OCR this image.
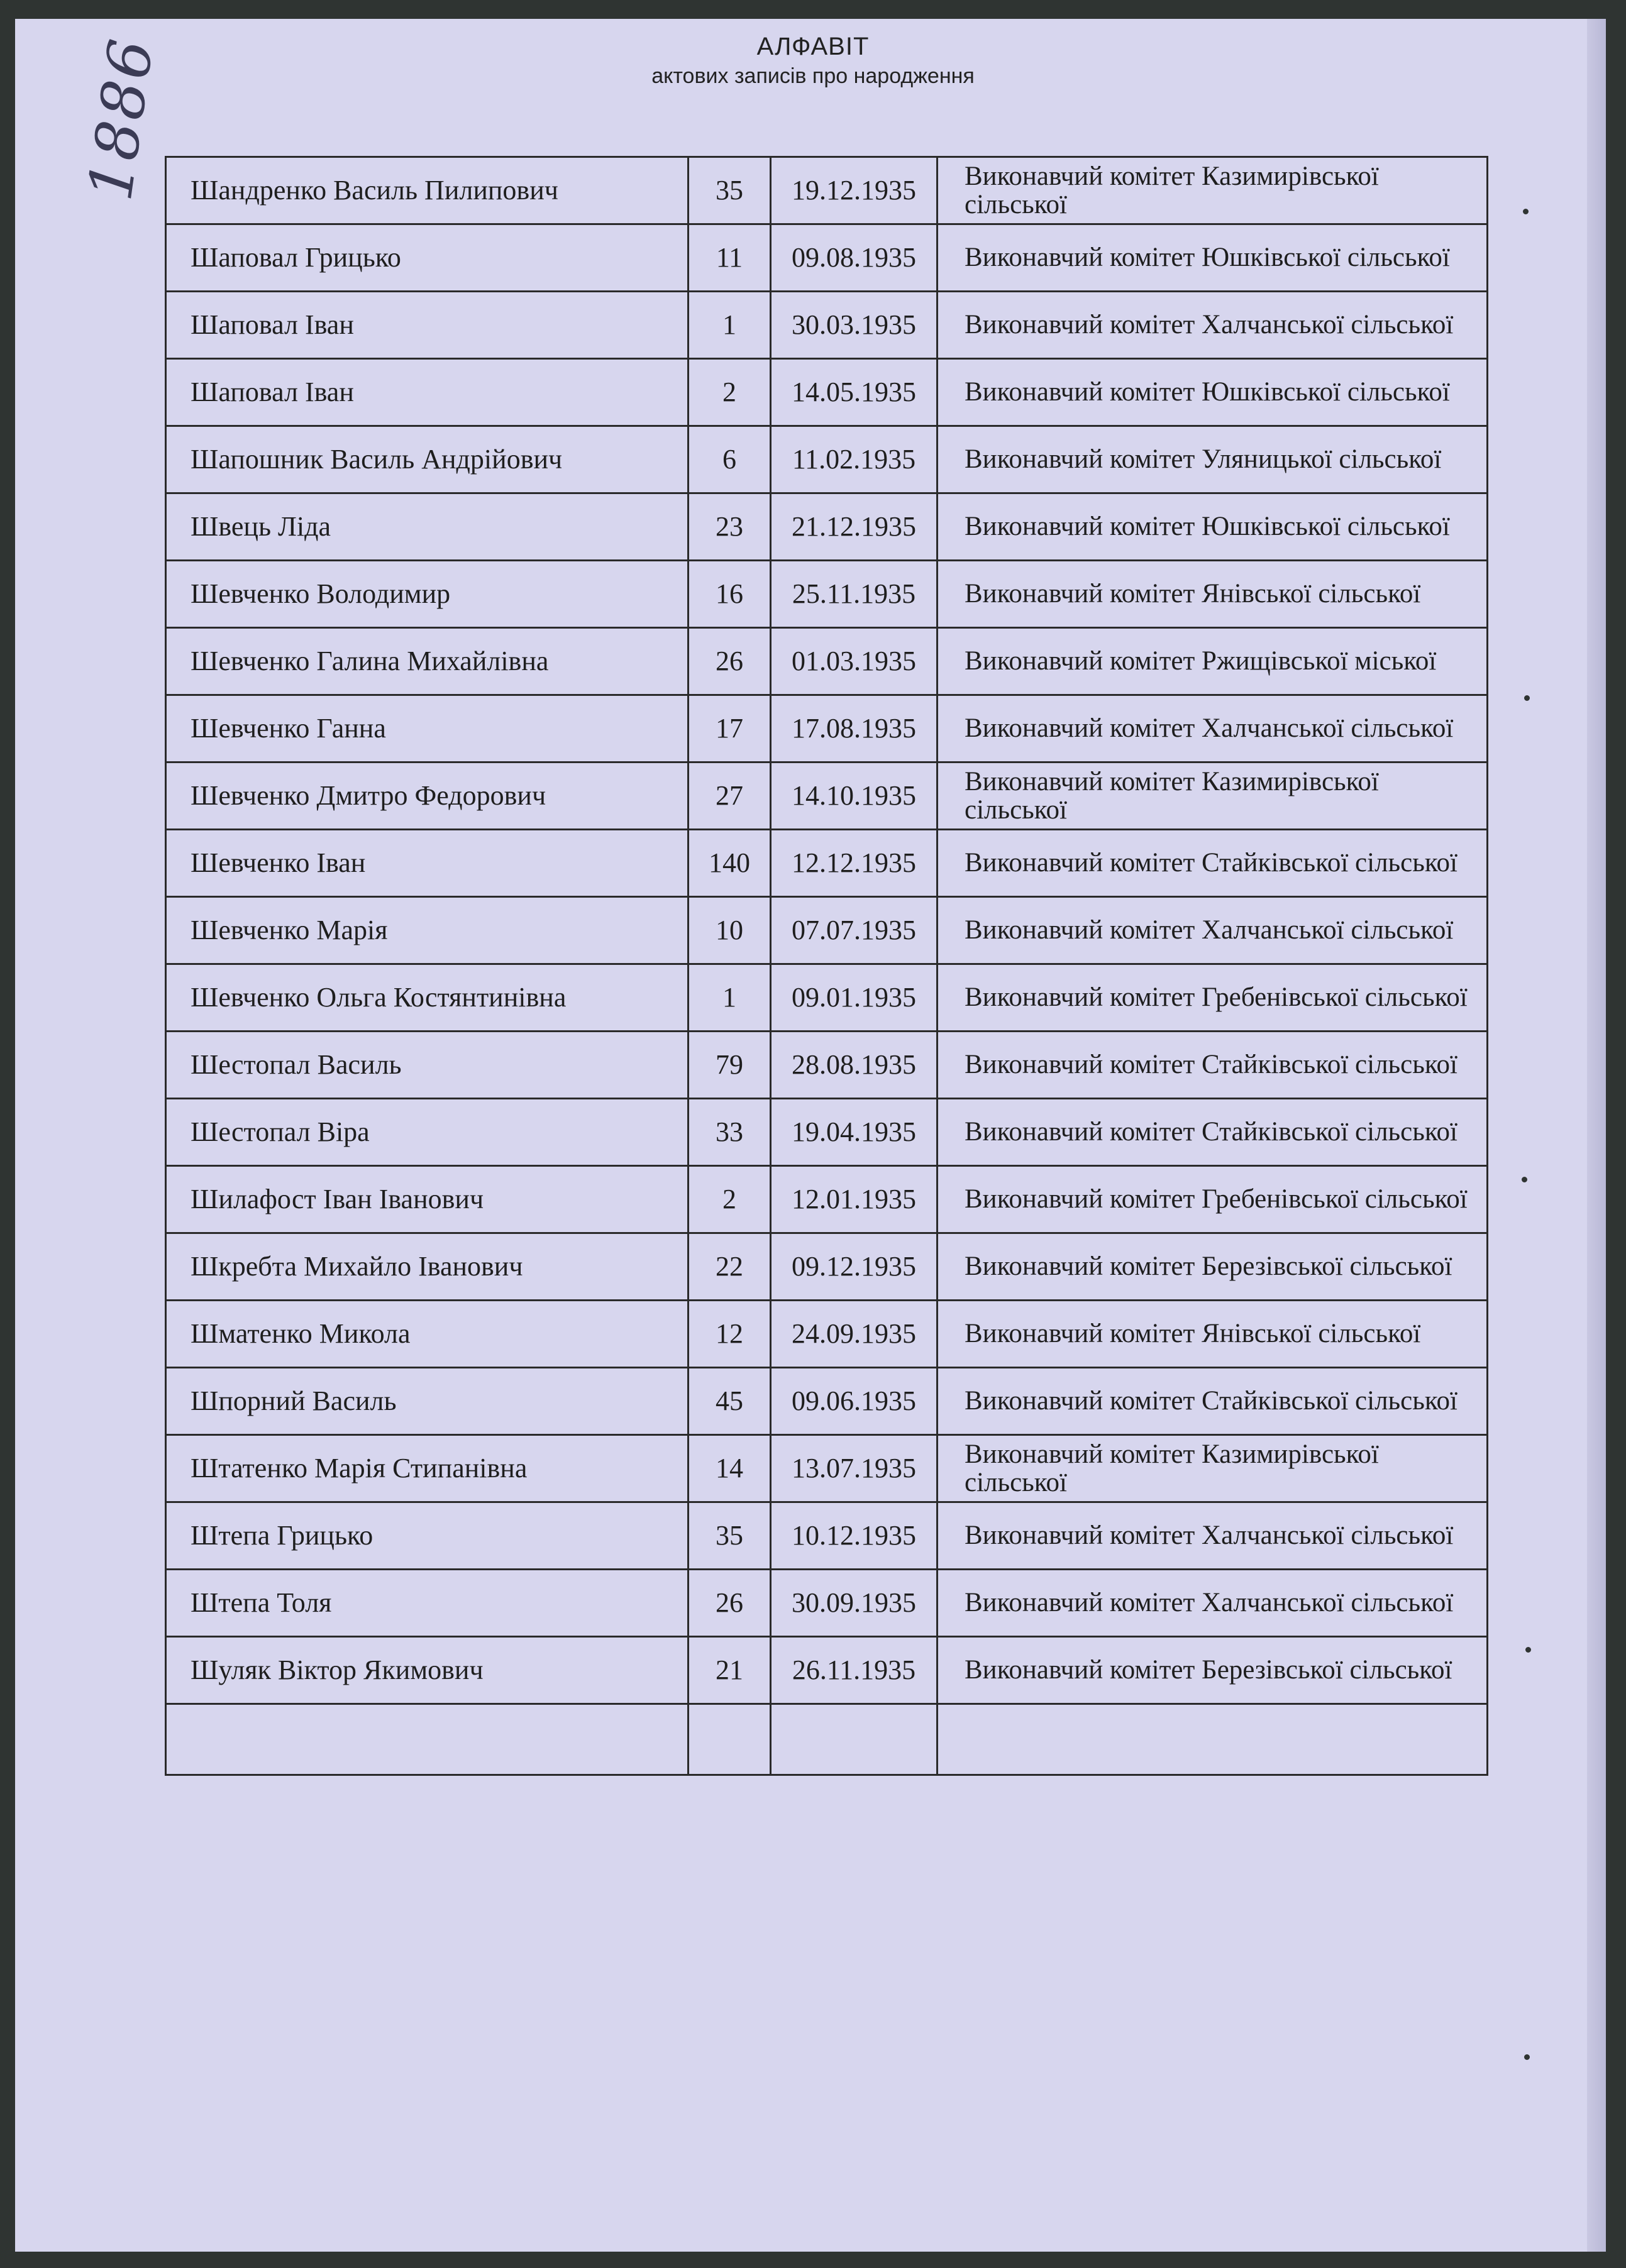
1886	АЛФАВІТ
актових записів про народження
Шандренко Василь Пилипович	35	19.12.1935	Виконавчий комітет Казимирівської сільської
Шаповал Грицько	11	09.08.1935	Виконавчий комітет Юшківської сільської
Шаповал Іван	1	30.03.1935	Виконавчий комітет Халчанської сільської
Шаповал Іван	2	14.05.1935	Виконавчий комітет Юшківської сільської
Шапошник Василь Андрійович	6	11.02.1935	Виконавчий комітет Уляницької сільської
Швець Ліда	23	21.12.1935	Виконавчий комітет Юшківської сільської
Шевченко Володимир	16	25.11.1935	Виконавчий комітет Янівської сільської
Шевченко Галина Михайлівна	26	01.03.1935	Виконавчий комітет Ржищівської міської
Шевченко Ганна	17	17.08.1935	Виконавчий комітет Халчанської сільської
Шевченко Дмитро Федорович	27	14.10.1935	Виконавчий комітет Казимирівської сільської
Шевченко Іван	140	12.12.1935	Виконавчий комітет Стайківської сільської
Шевченко Марія	10	07.07.1935	Виконавчий комітет Халчанської сільської
Шевченко Ольга Костянтинівна	1	09.01.1935	Виконавчий комітет Гребенівської сільської
Шестопал Василь	79	28.08.1935	Виконавчий комітет Стайківської сільської
Шестопал Віра	33	19.04.1935	Виконавчий комітет Стайківської сільської
Шилафост Іван Іванович	2	12.01.1935	Виконавчий комітет Гребенівської сільської
Шкребта Михайло Іванович	22	09.12.1935	Виконавчий комітет Березівської сільської
Шматенко Микола	12	24.09.1935	Виконавчий комітет Янівської сільської
Шпорний Василь	45	09.06.1935	Виконавчий комітет Стайківської сільської
Штатенко Марія Стипанівна	14	13.07.1935	Виконавчий комітет Казимирівської сільської
Штепа Грицько	35	10.12.1935	Виконавчий комітет Халчанської сільської
Штепа Толя	26	30.09.1935	Виконавчий комітет Халчанської сільської
Шуляк Віктор Якимович	21	26.11.1935	Виконавчий комітет Березівської сільської
